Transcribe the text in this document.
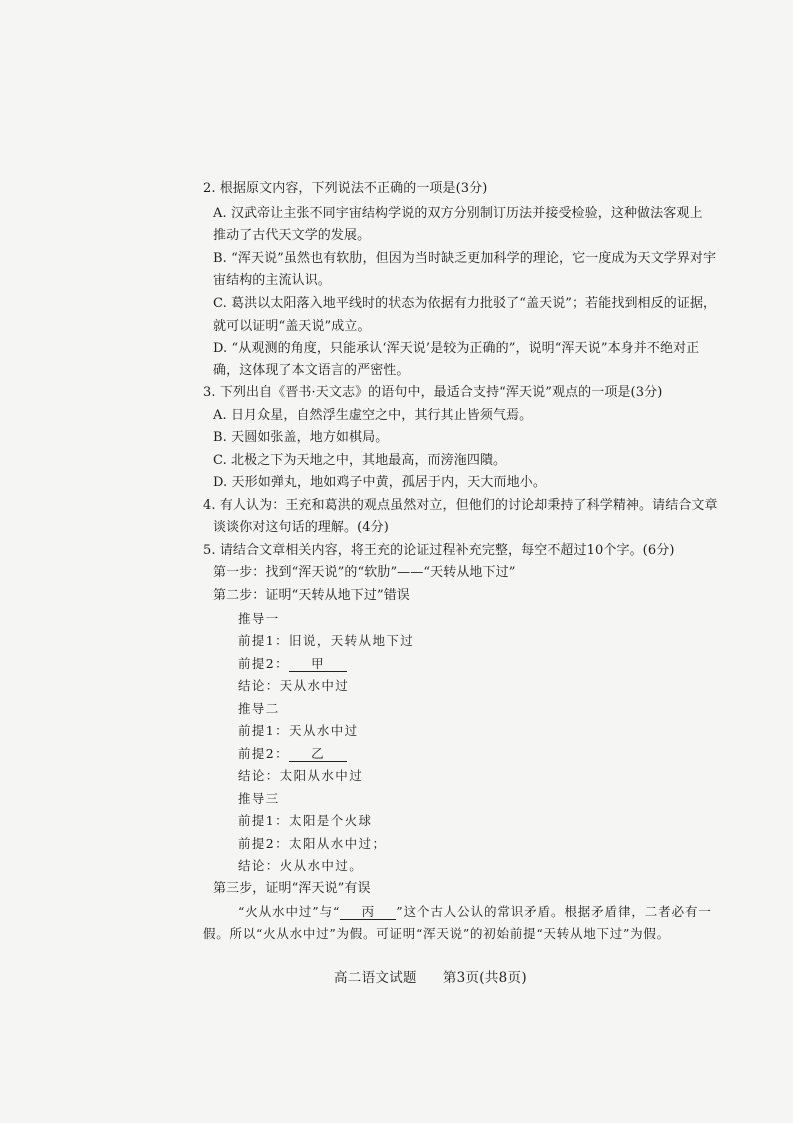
2. 根据原文内容，下列说法不正确的一项是(3分)
A. 汉武帝让主张不同宇宙结构学说的双方分别制订历法并接受检验，这种做法客观上
推动了古代天文学的发展。
B. “浑天说”虽然也有软肋，但因为当时缺乏更加科学的理论，它一度成为天文学界对宇
宙结构的主流认识。
C. 葛洪以太阳落入地平线时的状态为依据有力批驳了“盖天说”；若能找到相反的证据，
就可以证明“盖天说”成立。
D. “从观测的角度，只能承认‘浑天说’是较为正确的”，说明“浑天说”本身并不绝对正
确，这体现了本文语言的严密性。
3. 下列出自《晋书·天文志》的语句中，最适合支持“浑天说”观点的一项是(3分)
A. 日月众星，自然浮生虚空之中，其行其止皆须气焉。
B. 天圆如张盖，地方如棋局。
C. 北极之下为天地之中，其地最高，而滂沲四隤。
D. 天形如弹丸，地如鸡子中黄，孤居于内，天大而地小。
4. 有人认为：王充和葛洪的观点虽然对立，但他们的讨论却秉持了科学精神。请结合文章
谈谈你对这句话的理解。(4分)
5. 请结合文章相关内容，将王充的论证过程补充完整，每空不超过10个字。(6分)
第一步：找到“浑天说”的“软肋”——“天转从地下过”
第二步：证明“天转从地下过”错误
推导一
前提1：旧说，天转从地下过
前提2： 甲
结论：天从水中过
推导二
前提1：天从水中过
前提2： 乙
结论：太阳从水中过
推导三
前提1：太阳是个火球
前提2：太阳从水中过；
结论：火从水中过。
第三步，证明“浑天说”有误
“火从水中过”与“ 丙 ”这个古人公认的常识矛盾。根据矛盾律，二者必有一
假。所以“火从水中过”为假。可证明“浑天说”的初始前提“天转从地下过”为假。
高二语文试题 第3页(共8页)
